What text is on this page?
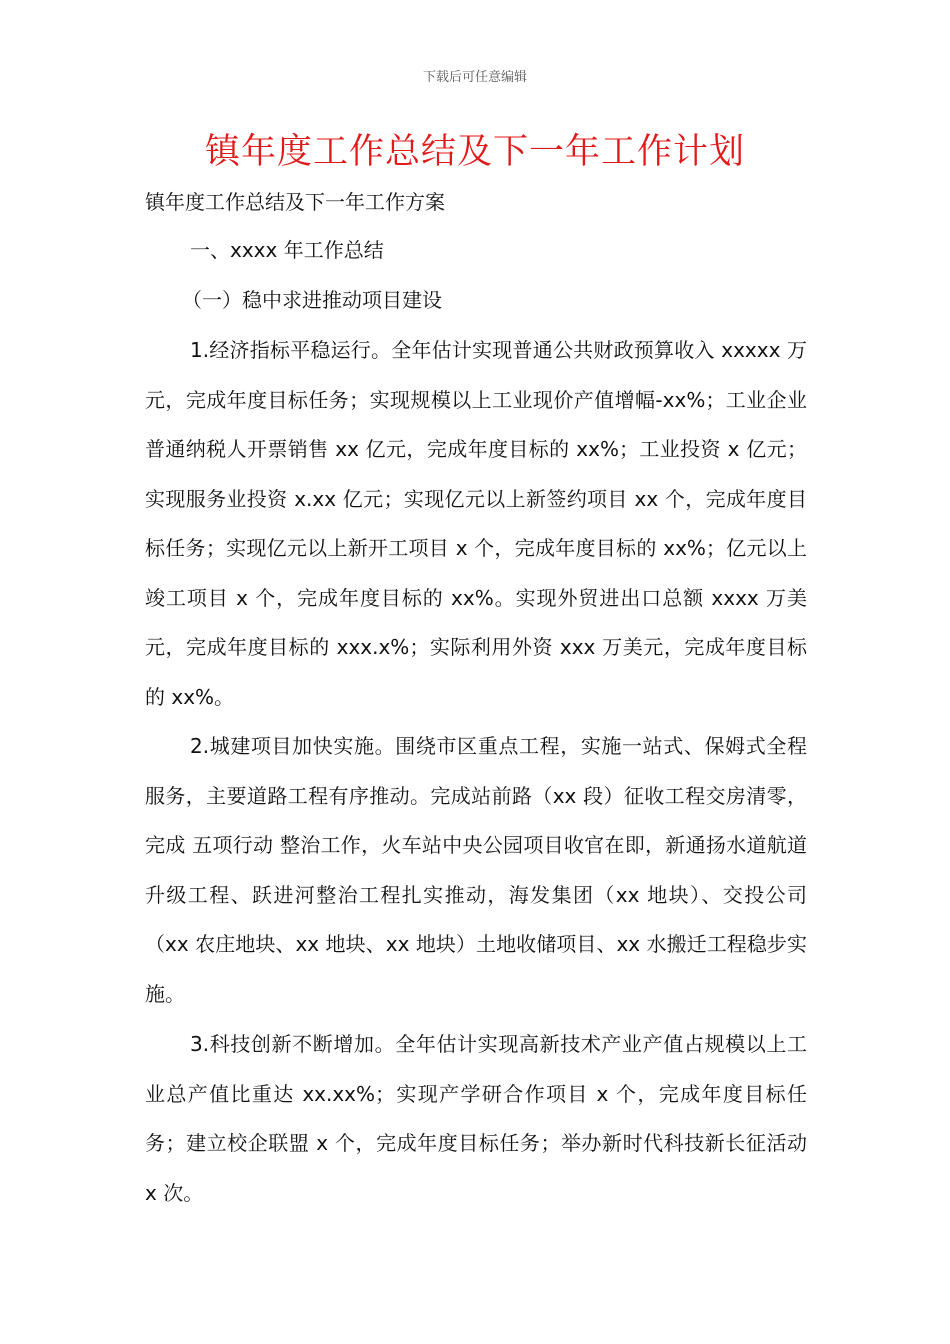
下载后可任意编辑
镇年度工作总结及下一年工作计划
镇年度工作总结及下一年工作方案
一、xxxx 年工作总结
（一）稳中求进推动项目建设

1.经济指标平稳运行。全年估计实现普通公共财政预算收入 xxxxx 万元，完成年度目标任务；实现规模以上工业现价产值增幅-xx%；工业企业普通纳税人开票销售 xx 亿元，完成年度目标的 xx%；工业投资 x 亿元；实现服务业投资 x.xx 亿元；实现亿元以上新签约项目 xx 个，完成年度目标任务；实现亿元以上新开工项目 x 个，完成年度目标的 xx%；亿元以上竣工项目 x 个，完成年度目标的 xx%。实现外贸进出口总额 xxxx 万美元，完成年度目标的 xxx.x%；实际利用外资 xxx 万美元，完成年度目标的 xx%。

2.城建项目加快实施。围绕市区重点工程，实施一站式、保姆式全程服务，主要道路工程有序推动。完成站前路（xx 段）征收工程交房清零，完成 五项行动 整治工作，火车站中央公园项目收官在即，新通扬水道航道升级工程、跃进河整治工程扎实推动，海发集团（xx 地块）、交投公司（xx 农庄地块、xx 地块、xx 地块）土地收储项目、xx 水搬迁工程稳步实施。

3.科技创新不断增加。全年估计实现高新技术产业产值占规模以上工业总产值比重达 xx.xx%；实现产学研合作项目 x 个，完成年度目标任务；建立校企联盟 x 个，完成年度目标任务；举办新时代科技新长征活动 x 次。
